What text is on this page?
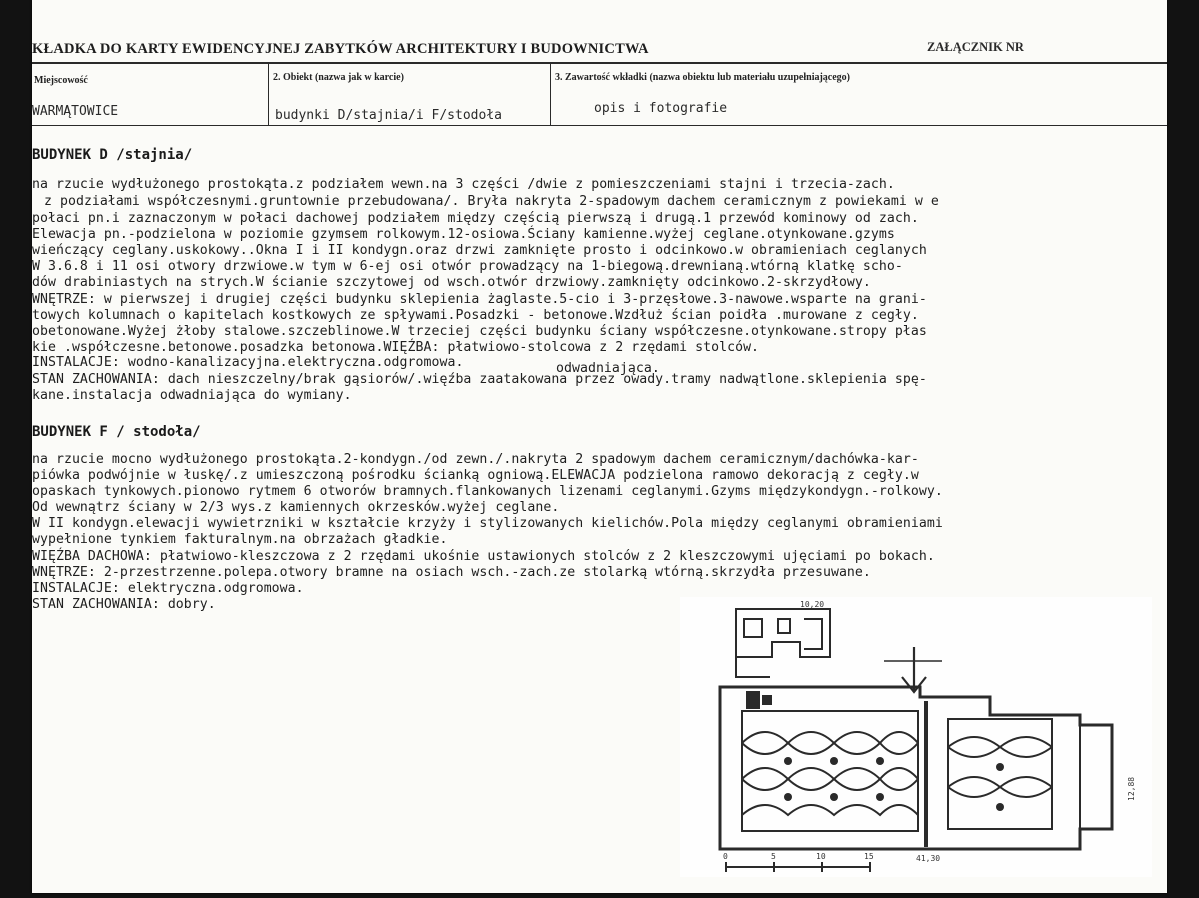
KŁADKA DO KARTY EWIDENCYJNEJ ZABYTKÓW ARCHITEKTURY I BUDOWNICTWA	ZAŁĄCZNIK NR
Miejscowość
WARMĄTOWICE
2. Obiekt (nazwa jak w karcie)
budynki D/stajnia/i F/stodoła
3. Zawartość wkładki (nazwa obiektu lub materiału uzupełniającego)
opis i fotografie
BUDYNEK D /stajnia/
na rzucie wydłużonego prostokąta.z podziałem wewn.na 3 części /dwie z pomieszczeniami stajni i trzecia-zach.
z podziałami współczesnymi.gruntownie przebudowana/. Bryła nakryta 2-spadowym dachem ceramicznym z powiekami w e
połaci pn.i zaznaczonym w połaci dachowej podziałem między częścią pierwszą i drugą.1 przewód kominowy od zach.
Elewacja pn.-podzielona w poziomie gzymsem rolkowym.12-osiowa.Ściany kamienne.wyżej ceglane.otynkowane.gzyms
wieńczący ceglany.uskokowy..Okna I i II kondygn.oraz drzwi zamknięte prosto i odcinkowo.w obramieniach ceglanych
W 3.6.8 i 11 osi otwory drzwiowe.w tym w 6-ej osi otwór prowadzący na 1-biegową.drewnianą.wtórną klatkę scho-
dów drabiniastych na strych.W ścianie szczytowej od wsch.otwór drzwiowy.zamknięty odcinkowo.2-skrzydłowy.
WNĘTRZE: w pierwszej i drugiej części budynku sklepienia żaglaste.5-cio i 3-przęsłowe.3-nawowe.wsparte na grani-
towych kolumnach o kapitelach kostkowych ze spływami.Posadzki - betonowe.Wzdłuż ścian poidła .murowane z cegły.
obetonowane.Wyżej żłoby stalowe.szczeblinowe.W trzeciej części budynku ściany współczesne.otynkowane.stropy płas
kie .współczesne.betonowe.posadzka betonowa.WIĘŹBA: płatwiowo-stolcowa z 2 rzędami stolców.
INSTALACJE: wodno-kanalizacyjna.elektryczna.odgromowa.	odwadniająca.
STAN ZACHOWANIA: dach nieszczelny/brak gąsiorów/.więźba zaatakowana przez owady.tramy nadwątlone.sklepienia spę-
kane.instalacja odwadniająca do wymiany.
BUDYNEK F / stodoła/
na rzucie mocno wydłużonego prostokąta.2-kondygn./od zewn./.nakryta 2 spadowym dachem ceramicznym/dachówka-kar-
piówka podwójnie w łuskę/.z umieszczoną pośrodku ścianką ogniową.ELEWACJA podzielona ramowo dekoracją z cegły.w
opaskach tynkowych.pionowo rytmem 6 otworów bramnych.flankowanych lizenami ceglanymi.Gzyms międzykondygn.-rolkowy.
Od wewnątrz ściany w 2/3 wys.z kamiennych okrzesków.wyżej ceglane.
W II kondygn.elewacji wywietrzniki w kształcie krzyży i stylizowanych kielichów.Pola między ceglanymi obramieniami
wypełnione tynkiem fakturalnym.na obrzażach gładkie.
WIĘŹBA DACHOWA: płatwiowo-kleszczowa z 2 rzędami ukośnie ustawionych stolców z 2 kleszczowymi ujęciami po bokach.
WNĘTRZE: 2-przestrzenne.polepa.otwory bramne na osiach wsch.-zach.ze stolarką wtórną.skrzydła przesuwane.
INSTALACJE: elektryczna.odgromowa.
STAN ZACHOWANIA: dobry.	10,20
41,30
12,88
0	5	10	15
